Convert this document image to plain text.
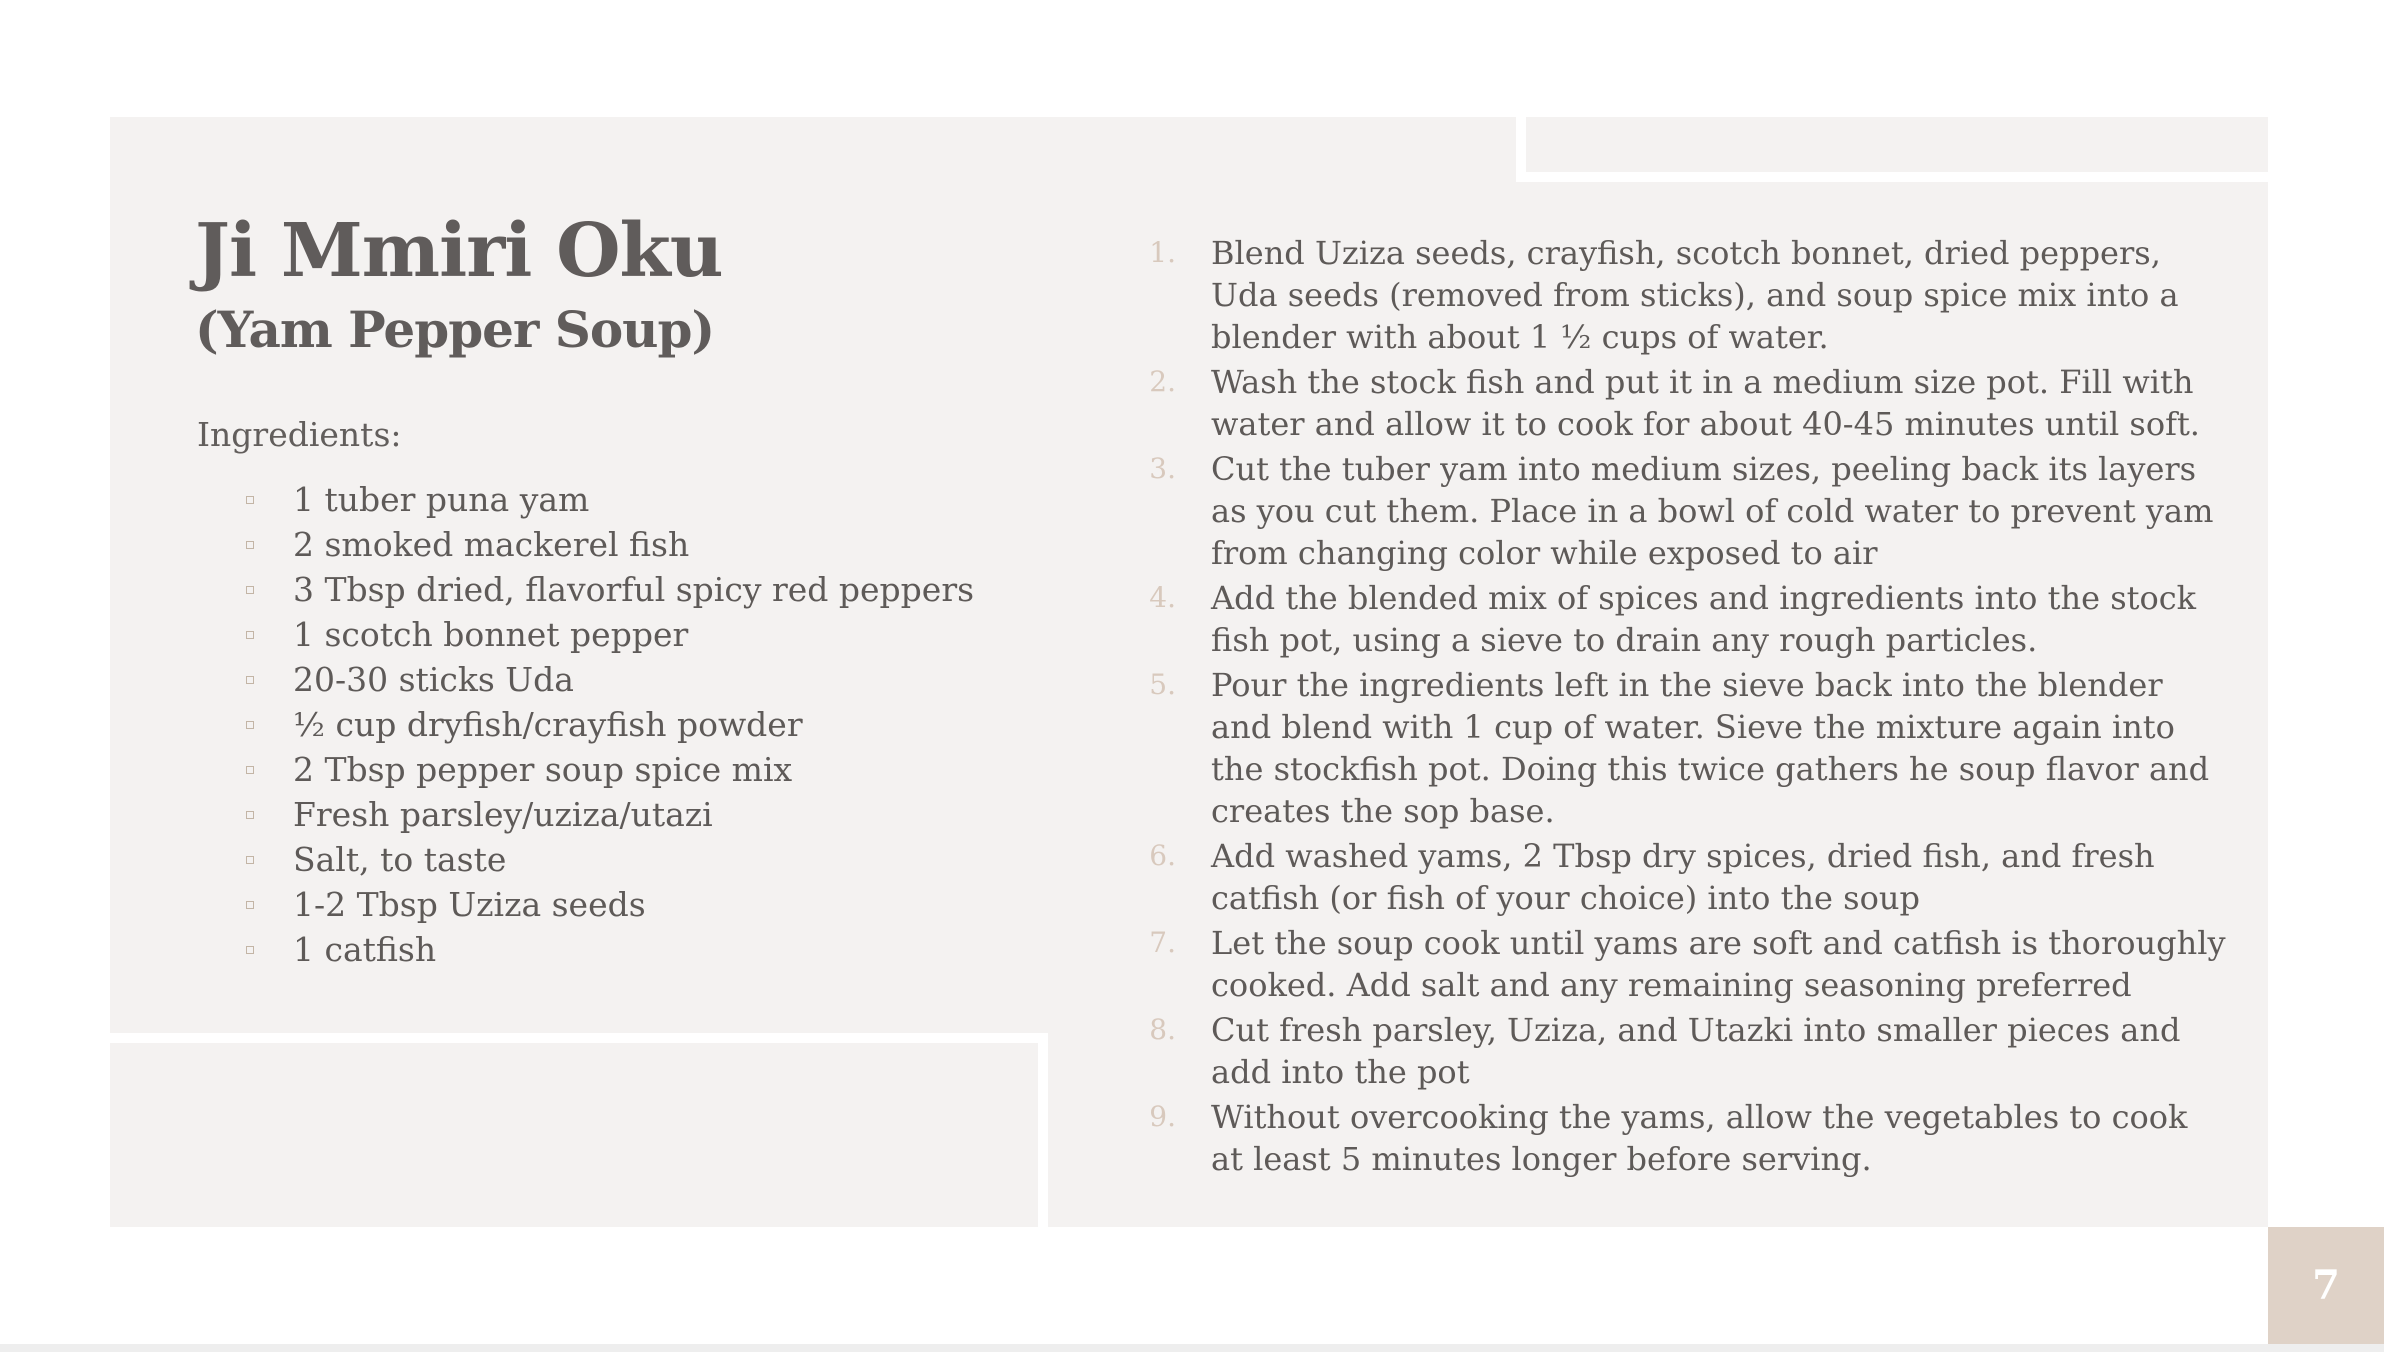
Ji Mmiri Oku
(Yam Pepper Soup)

Ingredients:

1 tuber puna yam
2 smoked mackerel fish
3 Tbsp dried, flavorful spicy red peppers
1 scotch bonnet pepper
20-30 sticks Uda
½ cup dryfish/crayfish powder
2 Tbsp pepper soup spice mix
Fresh parsley/uziza/utazi
Salt, to taste
1-2 Tbsp Uziza seeds
1 catfish
1. Blend Uziza seeds, crayfish, scotch bonnet, dried peppers, Uda seeds (removed from sticks), and soup spice mix into a blender with about 1 ½ cups of water.
2. Wash the stock fish and put it in a medium size pot. Fill with water and allow it to cook for about 40-45 minutes until soft.
3. Cut the tuber yam into medium sizes, peeling back its layers as you cut them. Place in a bowl of cold water to prevent yam from changing color while exposed to air
4. Add the blended mix of spices and ingredients into the stock fish pot, using a sieve to drain any rough particles.
5. Pour the ingredients left in the sieve back into the blender and blend with 1 cup of water. Sieve the mixture again into the stockfish pot. Doing this twice gathers he soup flavor and creates the sop base.
6. Add washed yams, 2 Tbsp dry spices, dried fish, and fresh catfish (or fish of your choice) into the soup
7. Let the soup cook until yams are soft and catfish is thoroughly cooked. Add salt and any remaining seasoning preferred
8. Cut fresh parsley, Uziza, and Utazki into smaller pieces and add into the pot
9. Without overcooking the yams, allow the vegetables to cook at least 5 minutes longer before serving.
7
